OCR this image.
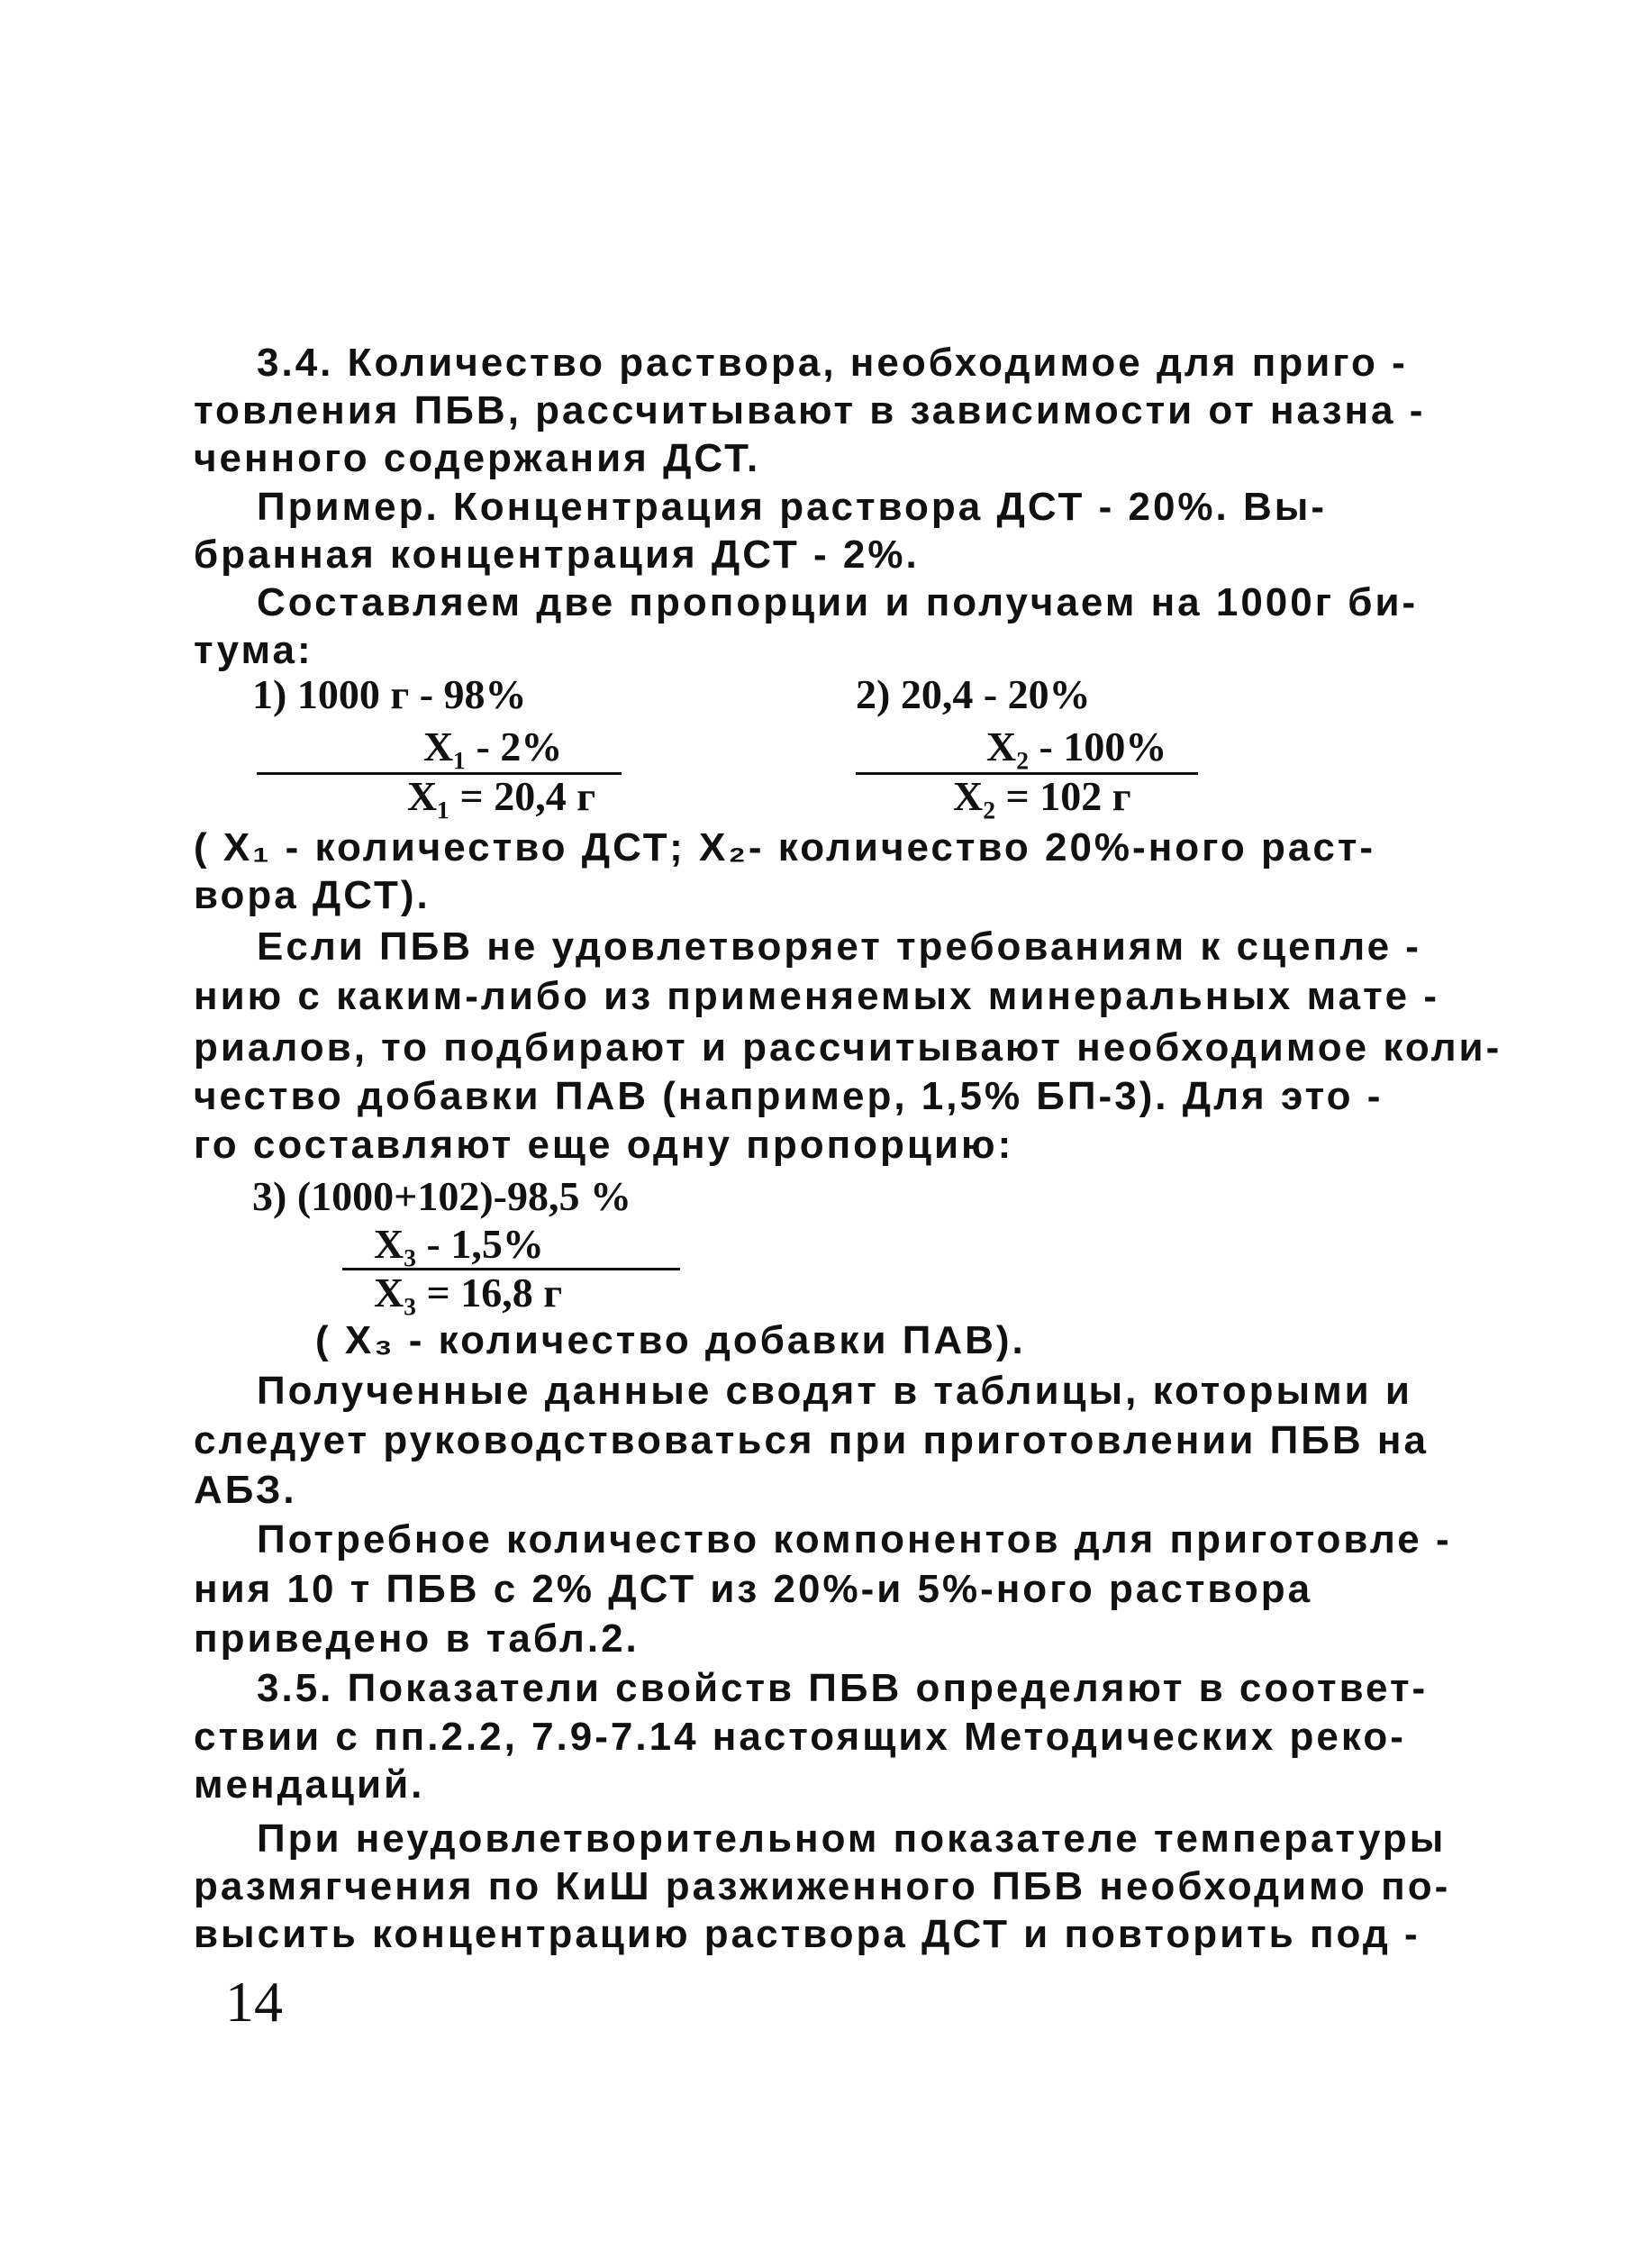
3.4. Количество раствора, необходимое для приго -
товления ПБВ, рассчитывают в зависимости от назна -
ченного содержания ДСТ.
Пример. Концентрация раствора ДСТ - 20%. Вы-
бранная концентрация ДСТ - 2%.
Составляем две пропорции и получаем на 1000г би-
тума:
1) 1000 г - 98%
X₁ - 2%
X₁ = 20,4 г
2) 20,4 - 20%
X₂ - 100%
X₂ = 102 г
( X₁ - количество ДСТ; X₂- количество 20%-ного раст-
вора ДСТ).
Если ПБВ не удовлетворяет требованиям к сцепле -
нию с каким-либо из применяемых минеральных мате -
риалов, то подбирают и рассчитывают необходимое коли-
чество добавки ПАВ (например, 1,5% БП-3). Для это -
го составляют еще одну пропорцию:
3) (1000+102)-98,5 %
X₃ - 1,5%
X₃ = 16,8 г
( X₃ - количество добавки ПАВ).
Полученные данные сводят в таблицы, которыми и
следует руководствоваться при приготовлении ПБВ на
АБЗ.
Потребное количество компонентов для приготовле -
ния 10 т ПБВ с 2% ДСТ из 20%-и 5%-ного раствора
приведено в табл.2.
3.5. Показатели свойств ПБВ определяют в соответ-
ствии с пп.2.2, 7.9-7.14 настоящих Методических реко-
мендаций.
При неудовлетворительном показателе температуры
размягчения по КиШ разжиженного ПБВ необходимо по-
высить концентрацию раствора ДСТ и повторить под -
14
